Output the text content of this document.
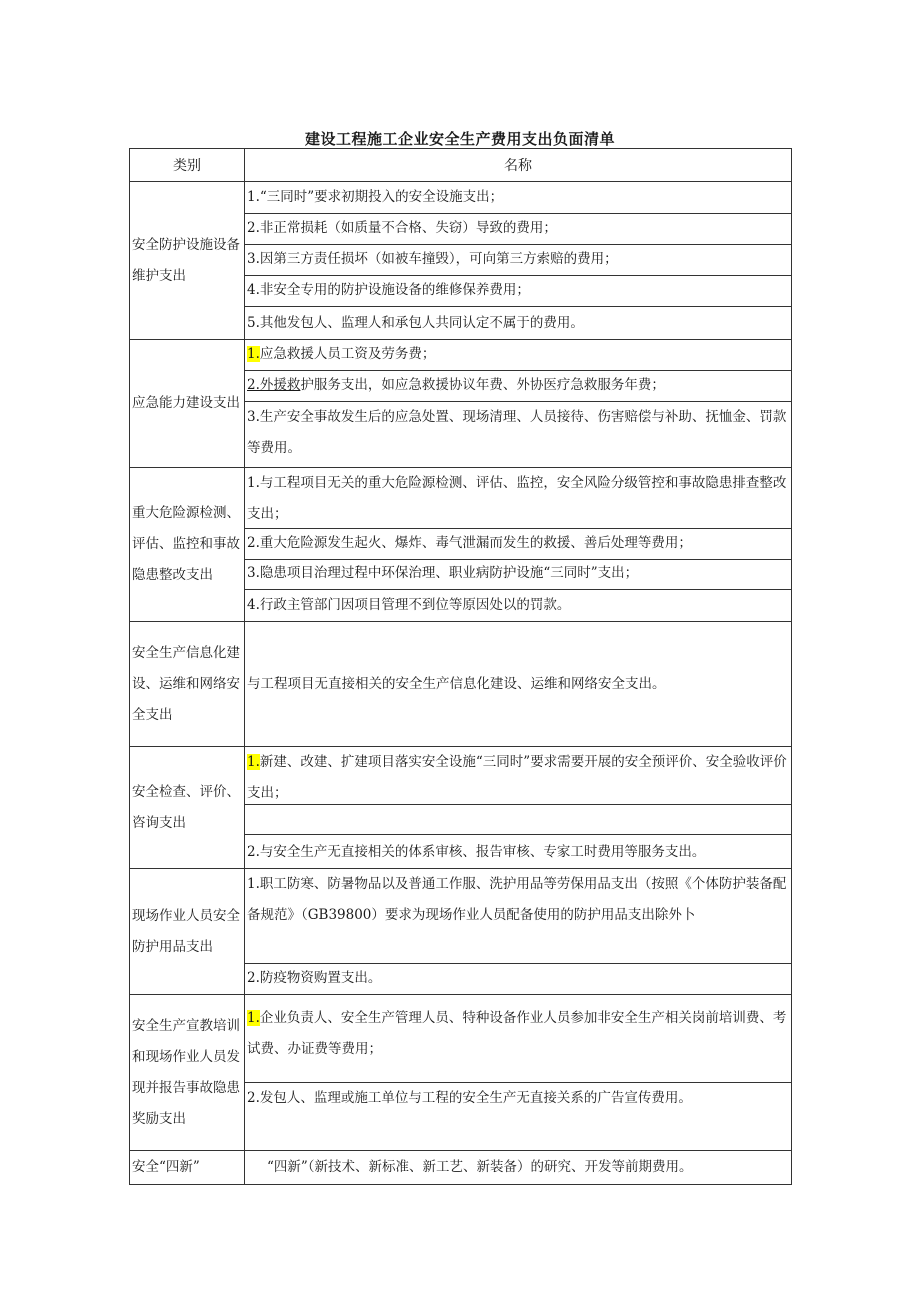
建设工程施工企业安全生产费用支出负面清单
类别	名称
安全防护设施设备维护支出
1.“三同时”要求初期投入的安全设施支出；
2.非正常损耗（如质量不合格、失窃）导致的费用；
3.因第三方责任损坏（如被车撞毁），可向第三方索赔的费用；
4.非安全专用的防护设施设备的维修保养费用；
5.其他发包人、监理人和承包人共同认定不属于的费用。
应急能力建设支出
1.应急救援人员工资及劳务费；
2.外援救护服务支出，如应急救援协议年费、外协医疗急救服务年费；
3.生产安全事故发生后的应急处置、现场清理、人员接待、伤害赔偿与补助、抚恤金、罚款等费用。
重大危险源检测、评估、监控和事故隐患整改支出
1.与工程项目无关的重大危险源检测、评估、监控，安全风险分级管控和事故隐患排查整改支出；
2.重大危险源发生起火、爆炸、毒气泄漏而发生的救援、善后处理等费用；
3.隐患项目治理过程中环保治理、职业病防护设施“三同时”支出；
4.行政主管部门因项目管理不到位等原因处以的罚款。
安全生产信息化建设、运维和网络安全支出
与工程项目无直接相关的安全生产信息化建设、运维和网络安全支出。
安全检查、评价、咨询支出
1.新建、改建、扩建项目落实安全设施“三同时”要求需要开展的安全预评价、安全验收评价支出；
2.与安全生产无直接相关的体系审核、报告审核、专家工时费用等服务支出。
现场作业人员安全防护用品支出
1.职工防寒、防暑物品以及普通工作服、洗护用品等劳保用品支出（按照《个体防护装备配备规范》（GB39800）要求为现场作业人员配备使用的防护用品支出除外卜
2.防疫物资购置支出。
安全生产宣教培训和现场作业人员发现并报告事故隐患奖励支出
1.企业负责人、安全生产管理人员、特种设备作业人员参加非安全生产相关岗前培训费、考试费、办证费等费用；
2.发包人、监理或施工单位与工程的安全生产无直接关系的广告宣传费用。
安全“四新”	“四新”（新技术、新标准、新工艺、新装备）的研究、开发等前期费用。
